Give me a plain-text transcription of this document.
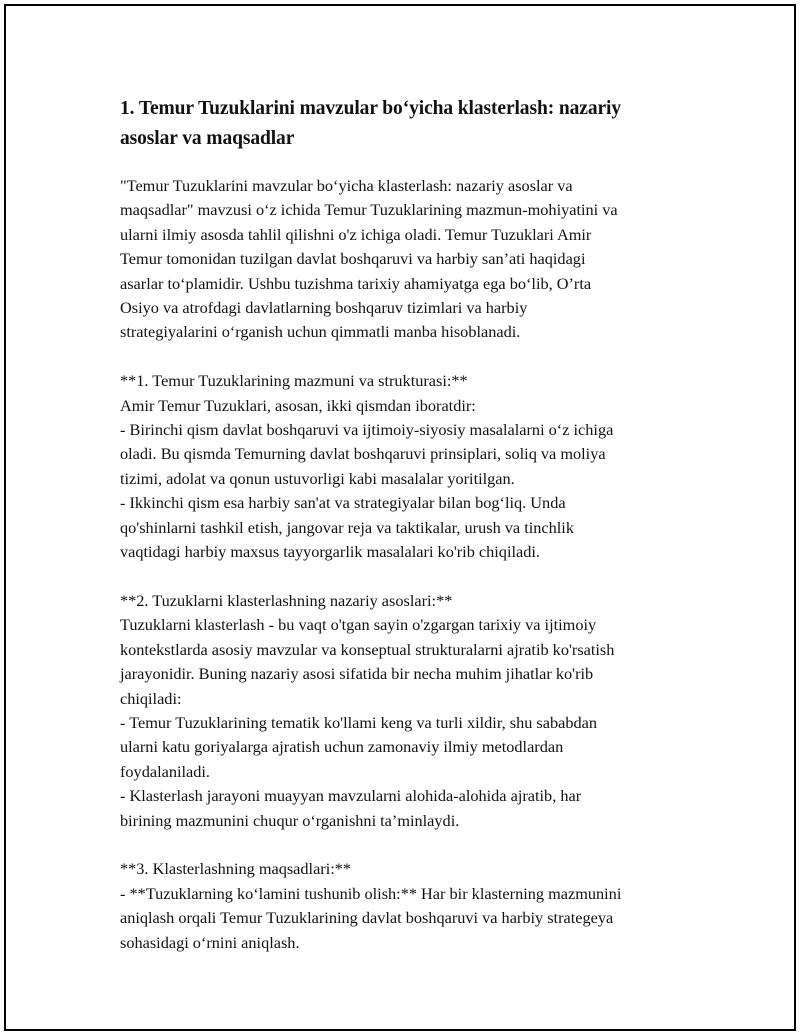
1. Temur Tuzuklarini mavzular bo‘yicha klasterlash: nazariy
asoslar va maqsadlar
"Temur Tuzuklarini mavzular bo‘yicha klasterlash: nazariy asoslar va
maqsadlar" mavzusi o‘z ichida Temur Tuzuklarining mazmun-mohiyatini va
ularni ilmiy asosda tahlil qilishni o'z ichiga oladi. Temur Tuzuklari Amir
Temur tomonidan tuzilgan davlat boshqaruvi va harbiy san’ati haqidagi
asarlar to‘plamidir. Ushbu tuzishma tarixiy ahamiyatga ega bo‘lib, O’rta
Osiyo va atrofdagi davlatlarning boshqaruv tizimlari va harbiy
strategiyalarini o‘rganish uchun qimmatli manba hisoblanadi.
**1. Temur Tuzuklarining mazmuni va strukturasi:**
Amir Temur Tuzuklari, asosan, ikki qismdan iboratdir:
- Birinchi qism davlat boshqaruvi va ijtimoiy-siyosiy masalalarni o‘z ichiga
oladi. Bu qismda Temurning davlat boshqaruvi prinsiplari, soliq va moliya
tizimi, adolat va qonun ustuvorligi kabi masalalar yoritilgan.
- Ikkinchi qism esa harbiy san'at va strategiyalar bilan bog‘liq. Unda
qo'shinlarni tashkil etish, jangovar reja va taktikalar, urush va tinchlik
vaqtidagi harbiy maxsus tayyorgarlik masalalari ko'rib chiqiladi.
**2. Tuzuklarni klasterlashning nazariy asoslari:**
Tuzuklarni klasterlash - bu vaqt o'tgan sayin o'zgargan tarixiy va ijtimoiy
kontekstlarda asosiy mavzular va konseptual strukturalarni ajratib ko'rsatish
jarayonidir. Buning nazariy asosi sifatida bir necha muhim jihatlar ko'rib
chiqiladi:
- Temur Tuzuklarining tematik ko'llami keng va turli xildir, shu sababdan
ularni katu goriyalarga ajratish uchun zamonaviy ilmiy metodlardan
foydalaniladi.
- Klasterlash jarayoni muayyan mavzularni alohida-alohida ajratib, har
birining mazmunini chuqur o‘rganishni ta’minlaydi.
**3. Klasterlashning maqsadlari:**
- **Tuzuklarning ko‘lamini tushunib olish:** Har bir klasterning mazmunini
aniqlash orqali Temur Tuzuklarining davlat boshqaruvi va harbiy strategeya
sohasidagi o‘rnini aniqlash.
